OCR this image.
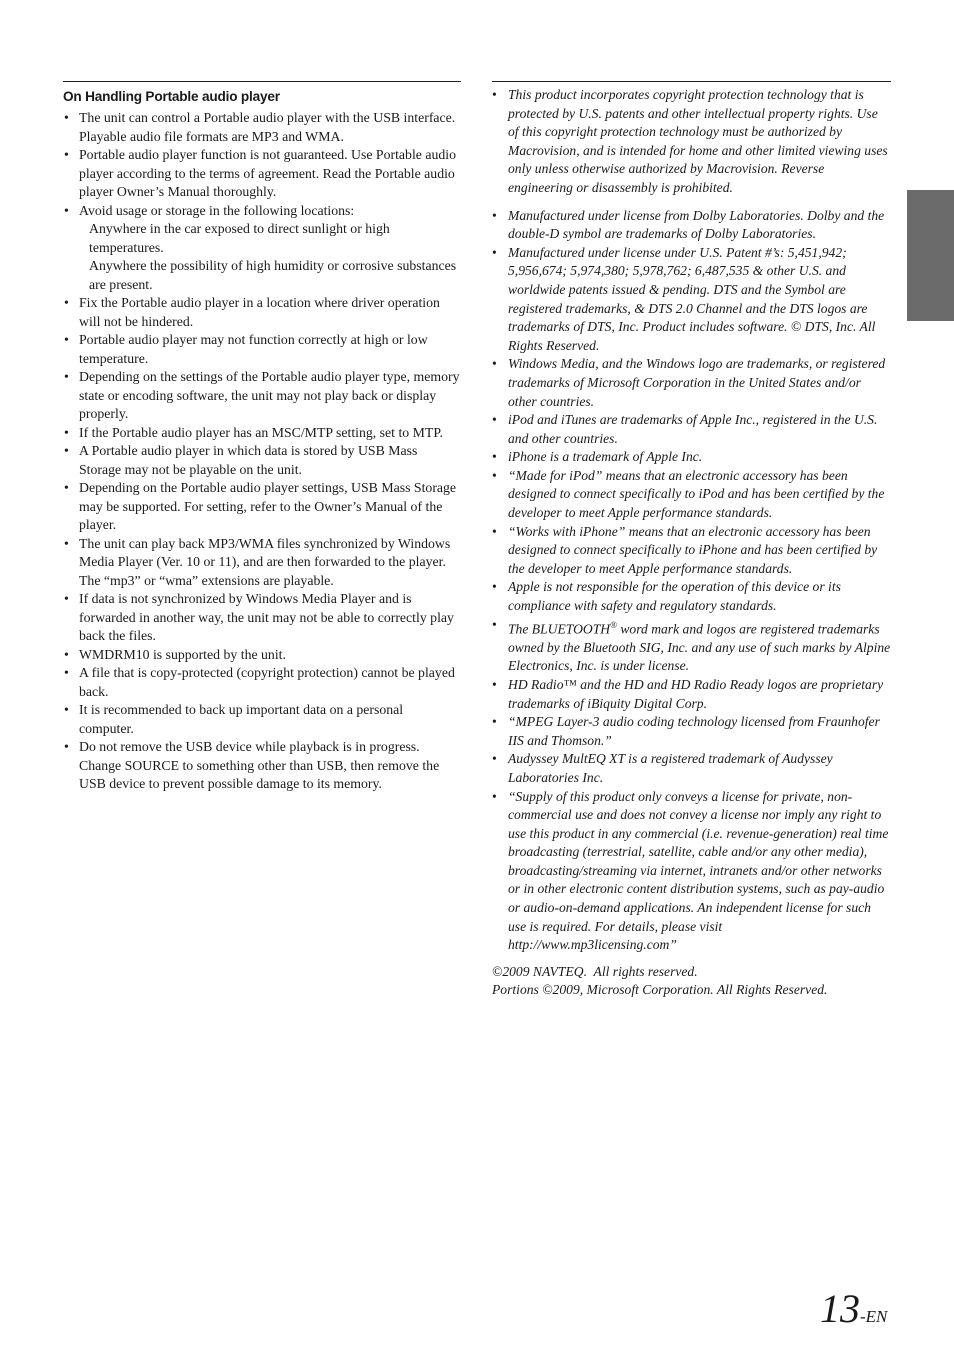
On Handling Portable audio player
• The unit can control a Portable audio player with the USB interface. Playable audio file formats are MP3 and WMA.
• Portable audio player function is not guaranteed. Use Portable audio player according to the terms of agreement. Read the Portable audio player Owner’s Manual thoroughly.
• Avoid usage or storage in the following locations:
Anywhere in the car exposed to direct sunlight or high temperatures.
Anywhere the possibility of high humidity or corrosive substances are present.
• Fix the Portable audio player in a location where driver operation will not be hindered.
• Portable audio player may not function correctly at high or low temperature.
• Depending on the settings of the Portable audio player type, memory state or encoding software, the unit may not play back or display properly.
• If the Portable audio player has an MSC/MTP setting, set to MTP.
• A Portable audio player in which data is stored by USB Mass Storage may not be playable on the unit.
• Depending on the Portable audio player settings, USB Mass Storage may be supported. For setting, refer to the Owner’s Manual of the player.
• The unit can play back MP3/WMA files synchronized by Windows Media Player (Ver. 10 or 11), and are then forwarded to the player. The “mp3” or “wma” extensions are playable.
• If data is not synchronized by Windows Media Player and is forwarded in another way, the unit may not be able to correctly play back the files.
• WMDRM10 is supported by the unit.
• A file that is copy-protected (copyright protection) cannot be played back.
• It is recommended to back up important data on a personal computer.
• Do not remove the USB device while playback is in progress. Change SOURCE to something other than USB, then remove the USB device to prevent possible damage to its memory.
• This product incorporates copyright protection technology that is protected by U.S. patents and other intellectual property rights. Use of this copyright protection technology must be authorized by Macrovision, and is intended for home and other limited viewing uses only unless otherwise authorized by Macrovision. Reverse engineering or disassembly is prohibited.
• Manufactured under license from Dolby Laboratories. Dolby and the double-D symbol are trademarks of Dolby Laboratories.
• Manufactured under license under U.S. Patent #’s: 5,451,942; 5,956,674; 5,974,380; 5,978,762; 6,487,535 & other U.S. and worldwide patents issued & pending. DTS and the Symbol are registered trademarks, & DTS 2.0 Channel and the DTS logos are trademarks of DTS, Inc. Product includes software. © DTS, Inc. All Rights Reserved.
• Windows Media, and the Windows logo are trademarks, or registered trademarks of Microsoft Corporation in the United States and/or other countries.
• iPod and iTunes are trademarks of Apple Inc., registered in the U.S. and other countries.
• iPhone is a trademark of Apple Inc.
• “Made for iPod” means that an electronic accessory has been designed to connect specifically to iPod and has been certified by the developer to meet Apple performance standards.
• “Works with iPhone” means that an electronic accessory has been designed to connect specifically to iPhone and has been certified by the developer to meet Apple performance standards.
• Apple is not responsible for the operation of this device or its compliance with safety and regulatory standards.
• The BLUETOOTH® word mark and logos are registered trademarks owned by the Bluetooth SIG, Inc. and any use of such marks by Alpine Electronics, Inc. is under license.
• HD Radio™ and the HD and HD Radio Ready logos are proprietary trademarks of iBiquity Digital Corp.
• “MPEG Layer-3 audio coding technology licensed from Fraunhofer IIS and Thomson.”
• Audyssey MultEQ XT is a registered trademark of Audyssey Laboratories Inc.
• “Supply of this product only conveys a license for private, non-commercial use and does not convey a license nor imply any right to use this product in any commercial (i.e. revenue-generation) real time broadcasting (terrestrial, satellite, cable and/or any other media), broadcasting/streaming via internet, intranets and/or other networks or in other electronic content distribution systems, such as pay-audio or audio-on-demand applications. An independent license for such use is required. For details, please visit http://www.mp3licensing.com”
©2009 NAVTEQ.  All rights reserved.
Portions ©2009, Microsoft Corporation. All Rights Reserved.
13-EN
